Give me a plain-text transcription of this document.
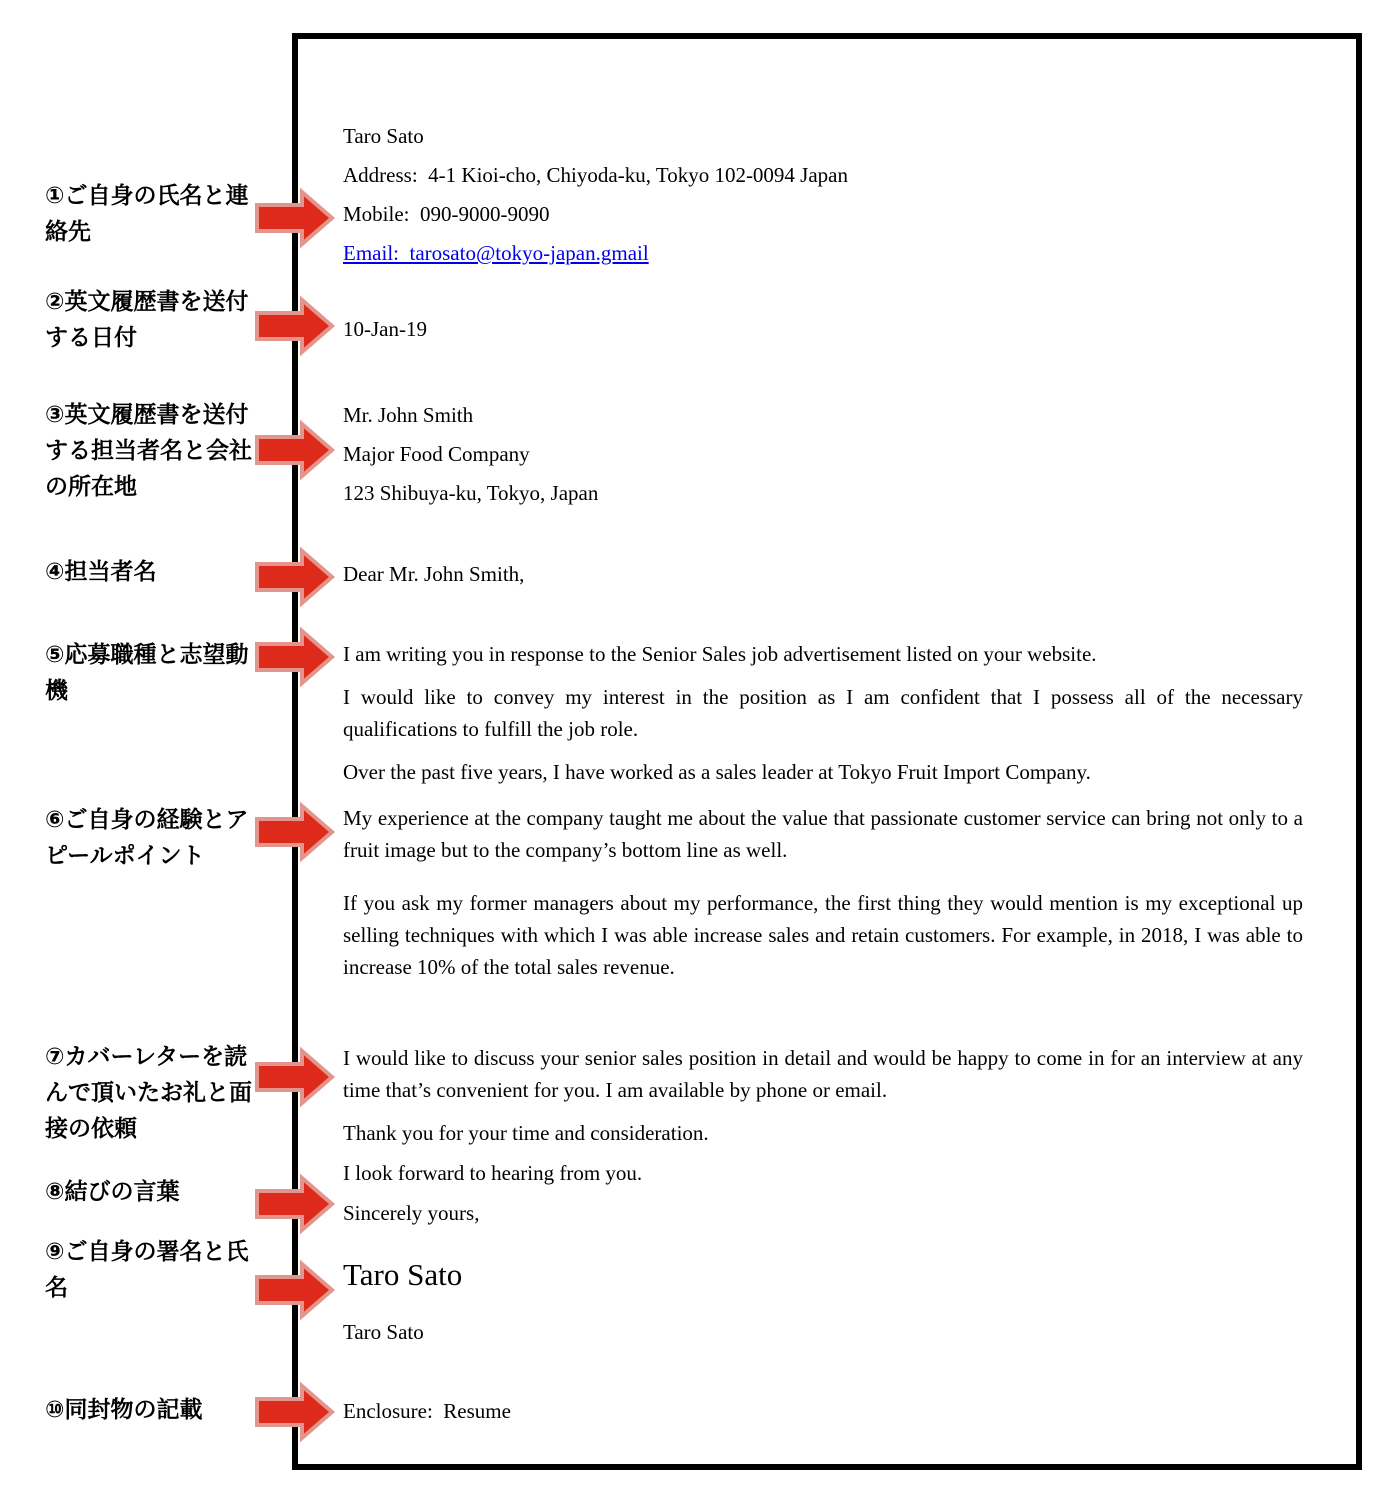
Taro Sato

Address:  4-1 Kioi-cho, Chiyoda-ku, Tokyo 102-0094 Japan

Mobile:  090-9000-9090

Email:  tarosato@tokyo-japan.gmail

10-Jan-19

Mr. John Smith

Major Food Company

123 Shibuya-ku, Tokyo, Japan

Dear Mr. John Smith,

I am writing you in response to the Senior Sales job advertisement listed on your website.

I would like to convey my interest in the position as I am confident that I possess all of the necessary qualifications to fulfill the job role.

Over the past five years, I have worked as a sales leader at Tokyo Fruit Import Company.

My experience at the company taught me about the value that passionate customer service can bring not only to a fruit image but to the company’s bottom line as well.

If you ask my former managers about my performance, the first thing they would mention is my exceptional up selling techniques with which I was able increase sales and retain customers. For example, in 2018, I was able to increase 10% of the total sales revenue.

I would like to discuss your senior sales position in detail and would be happy to come in for an interview at any time that’s convenient for you. I am available by phone or email.

Thank you for your time and consideration.

I look forward to hearing from you.

Sincerely yours,

Taro Sato

Taro Sato

Enclosure:  Resume

①ご自身の氏名と連絡先
②英文履歴書を送付する日付
③英文履歴書を送付する担当者名と会社の所在地
④担当者名
⑤応募職種と志望動機
⑥ご自身の経験とアピールポイント
⑦カバーレターを読んで頂いたお礼と面接の依頼
⑧結びの言葉
⑨ご自身の署名と氏名
⑩同封物の記載
